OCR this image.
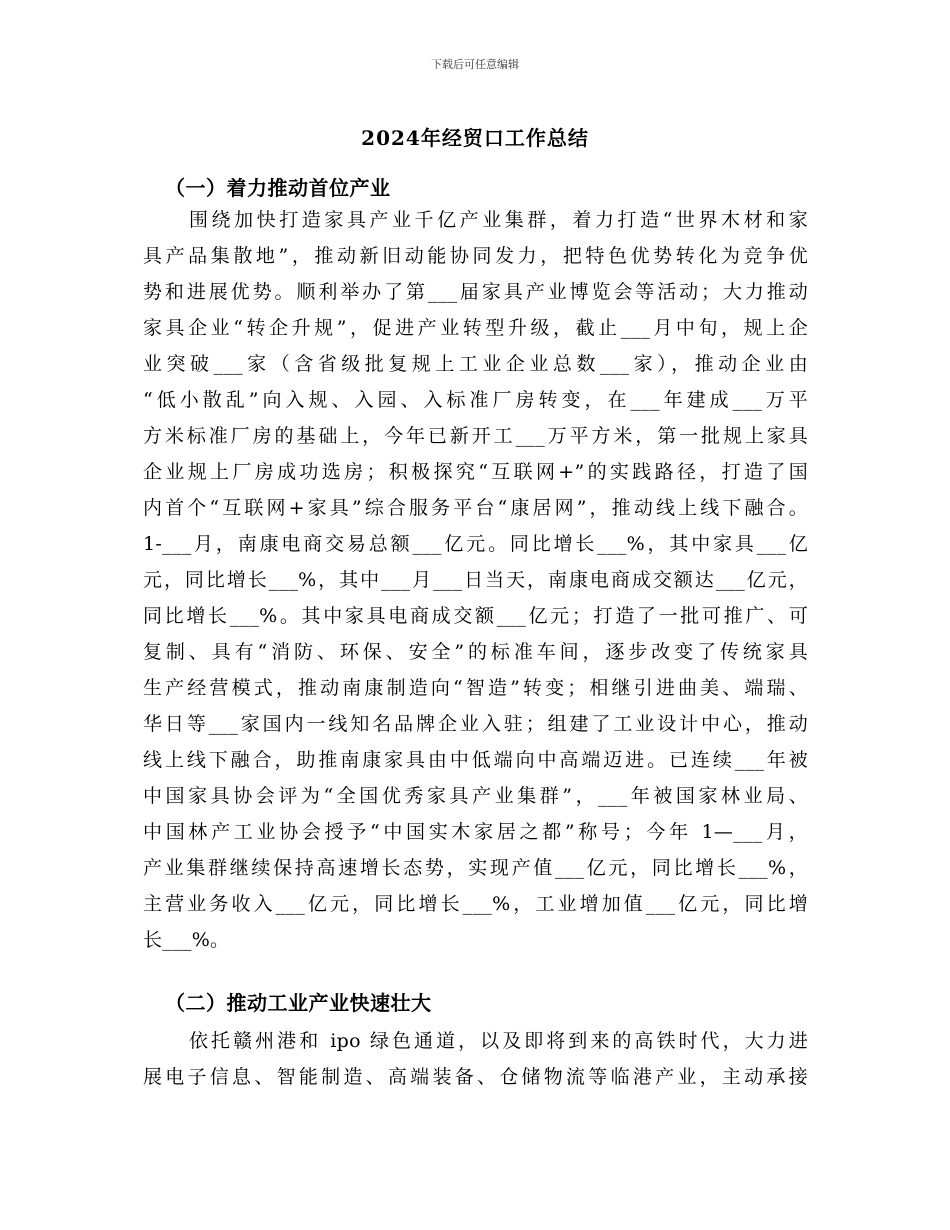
下载后可任意编辑
2024年经贸口工作总结
（一）着力推动首位产业
围绕加快打造家具产业千亿产业集群，着力打造“世界木材和家
具产品集散地”，推动新旧动能协同发力，把特色优势转化为竞争优
势和进展优势。顺利举办了第___届家具产业博览会等活动；大力推动
家具企业“转企升规”，促进产业转型升级，截止___月中旬，规上企
业突破___家（含省级批复规上工业企业总数___家），推动企业由
“低小散乱”向入规、入园、入标准厂房转变，在___年建成___万平
方米标准厂房的基础上，今年已新开工___万平方米，第一批规上家具
企业规上厂房成功选房；积极探究“互联网+”的实践路径，打造了国
内首个“互联网+家具”综合服务平台“康居网”，推动线上线下融合。
1-___月，南康电商交易总额___亿元。同比增长___%，其中家具___亿
元，同比增长___%，其中___月___日当天，南康电商成交额达___亿元，
同比增长___%。其中家具电商成交额___亿元；打造了一批可推广、可
复制、具有“消防、环保、安全”的标准车间，逐步改变了传统家具
生产经营模式，推动南康制造向“智造”转变；相继引进曲美、端瑞、
华日等___家国内一线知名品牌企业入驻；组建了工业设计中心，推动
线上线下融合，助推南康家具由中低端向中高端迈进。已连续___年被
中国家具协会评为“全国优秀家具产业集群”，___年被国家林业局、
中国林产工业协会授予“中国实木家居之都”称号；今年 1—___月，
产业集群继续保持高速增长态势，实现产值___亿元，同比增长___%，
主营业务收入___亿元，同比增长___%，工业增加值___亿元，同比增
长___%。
（二）推动工业产业快速壮大
依托赣州港和 ipo 绿色通道，以及即将到来的高铁时代，大力进
展电子信息、智能制造、高端装备、仓储物流等临港产业，主动承接
